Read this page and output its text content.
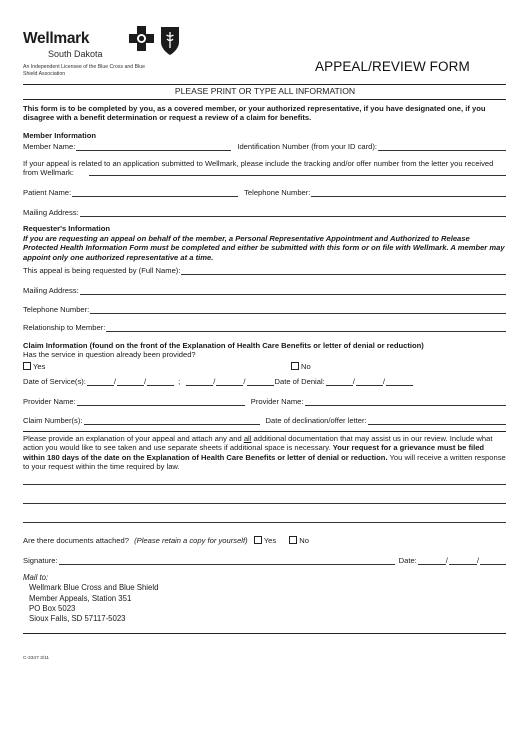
Wellmark
South Dakota
An Independent Licensee of the Blue Cross and Blue Shield Association
APPEAL/REVIEW FORM
PLEASE PRINT OR TYPE ALL INFORMATION
This form is to be completed by you, as a covered member, or your authorized representative, if you have designated one, if you disagree with a benefit determination or request a review of a claim for benefits.
Member Information
Member Name:	Identification Number (from your ID card):
If your appeal is related to an application submitted to Wellmark, please include the tracking and/or offer number from the letter you received from Wellmark:
Patient Name:	Telephone Number:
Mailing Address:
Requester's Information
If you are requesting an appeal on behalf of the member, a Personal Representative Appointment and Authorized to Release Protected Health Information Form must be completed and either be submitted with this form or on file with Wellmark. A member may appoint only one authorized representative at a time.
This appeal is being requested by (Full Name):
Mailing Address:
Telephone Number:
Relationship to Member:
Claim Information (found on the front of the Explanation of Health Care Benefits or letter of denial or reduction)
Has the service in question already been provided?
Yes	No
Date of Service(s):	/	/	;	/	/	Date of Denial:	/	/
Provider Name:	Provider Name:
Claim Number(s):	Date of declination/offer letter:
Please provide an explanation of your appeal and attach any and all additional documentation that may assist us in our review. Include what action you would like to see taken and use separate sheets if additional space is necessary. Your request for a grievance must be filed within 180 days of the date on the Explanation of Health Care Benefits or letter of denial or reduction. You will receive a written response to your request within the time required by law.
Are there documents attached? (Please retain a copy for yourself) Yes	No
Signature:	Date:	/	/
Mail to:
Wellmark Blue Cross and Blue Shield
Member Appeals, Station 351
PO Box 5023
Sioux Falls, SD 57117-5023
C-3347 3/11
